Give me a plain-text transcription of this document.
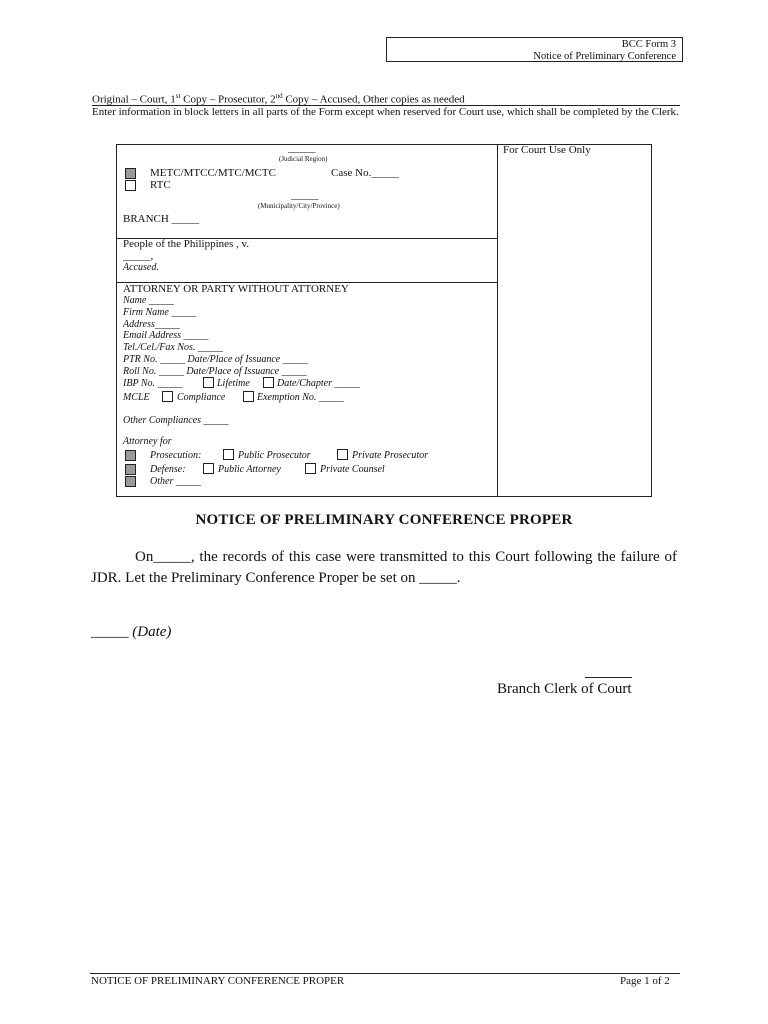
BCC Form 3
Notice of Preliminary Conference
Original – Court, 1st Copy – Prosecutor, 2nd Copy – Accused, Other copies as needed
Enter information in block letters in all parts of the Form except when reserved for Court use, which shall be completed by the Clerk.
For Court Use Only
_____
(Judicial Region)
METC/MTCC/MTC/MCTC	Case No._____
RTC
_____
(Municipality/City/Province)
BRANCH _____
People of the Philippines , v.
_____,
Accused.
ATTORNEY OR PARTY WITHOUT ATTORNEY
Name _____
Firm Name _____
Address_____
Email Address _____
Tel./Cel./Fax Nos. _____
PTR No. _____ Date/Place of Issuance _____
Roll No. _____ Date/Place of Issuance _____
IBP No. _____	Lifetime	Date/Chapter _____
MCLE	Compliance	Exemption No. _____
Other Compliances _____
Attorney for
Prosecution:	Public Prosecutor	Private Prosecutor
Defense:	Public Attorney	Private Counsel
Other _____
NOTICE OF PRELIMINARY CONFERENCE PROPER
On_____, the records of this case were transmitted to this Court following the failure of JDR. Let the Preliminary Conference Proper be set on _____.
_____ (Date)
Branch Clerk of Court
NOTICE OF PRELIMINARY CONFERENCE PROPER	Page 1 of 2
